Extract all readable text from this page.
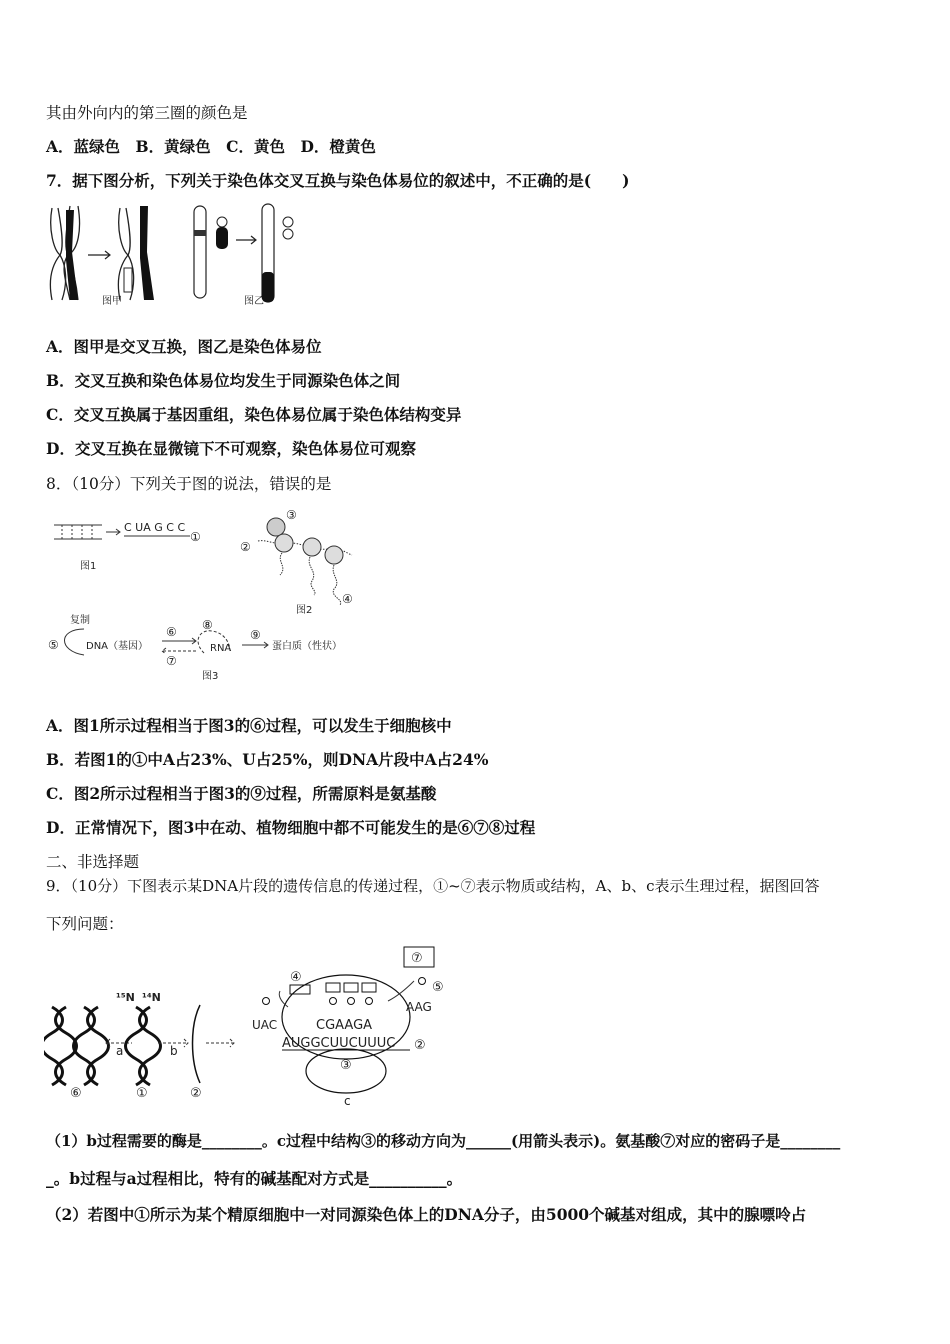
其由外向内的第三圈的颜色是
A．蓝绿色　B．黄绿色　C．黄色　D．橙黄色
7．据下图分析，下列关于染色体交叉互换与染色体易位的叙述中，不正确的是(　　)
图甲	图乙
A．图甲是交叉互换，图乙是染色体易位
B．交叉互换和染色体易位均发生于同源染色体之间
C．交叉互换属于基因重组，染色体易位属于染色体结构变异
D．交叉互换在显微镜下不可观察，染色体易位可观察
8．（10分）下列关于图的说法，错误的是
C UA G C C
①
图1
③
②
④
图2
复制
⑤	DNA（基因）
⑥
⑦
⑧
RNA
⑨
蛋白质（性状）
图3
A．图1所示过程相当于图3的⑥过程，可以发生于细胞核中
B．若图1的①中A占23%、U占25%，则DNA片段中A占24%
C．图2所示过程相当于图3的⑨过程，所需原料是氨基酸
D．正常情况下，图3中在动、植物细胞中都不可能发生的是⑥⑦⑧过程
二、非选择题
9．（10分）下图表示某DNA片段的遗传信息的传递过程，①~⑦表示物质或结构，A、b、c表示生理过程，据图回答
下列问题：
a
¹⁵N ¹⁴N
b
⑥	①	②
⑦
④
⑤
UAC
AAG
CGAAGA
AUGGCUUCUUUC ②
③
c
（1）b过程需要的酶是________。c过程中结构③的移动方向为______(用箭头表示)。氨基酸⑦对应的密码子是________
_。b过程与a过程相比，特有的碱基配对方式是__________。
（2）若图中①所示为某个精原细胞中一对同源染色体上的DNA分子，由5000个碱基对组成，其中的腺嘌呤占
